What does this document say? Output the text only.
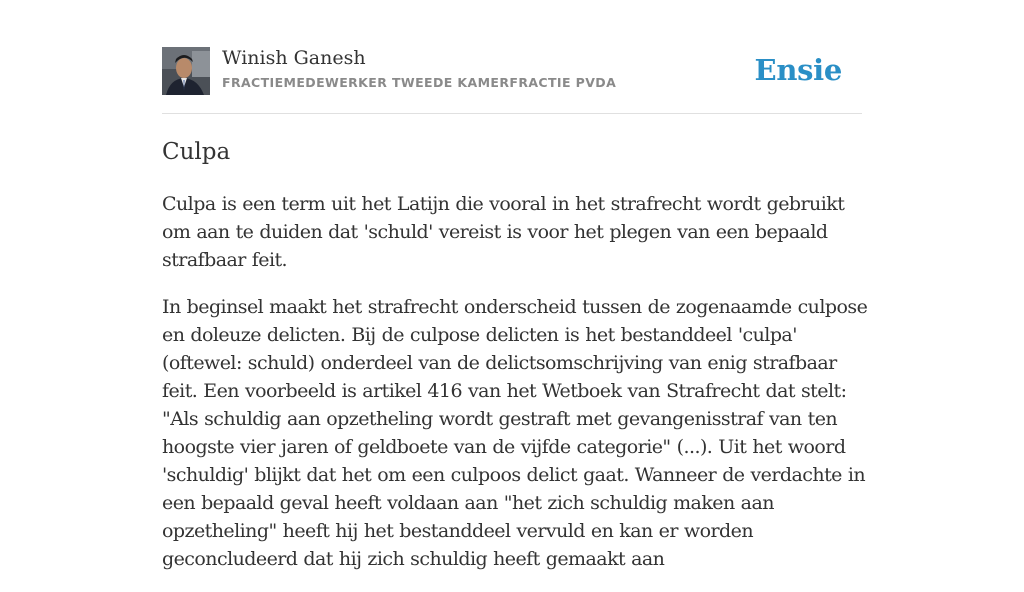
Winish Ganesh
FRACTIEMEDEWERKER TWEEDE KAMERFRACTIE PVDA	Ensie
Culpa

Culpa is een term uit het Latijn die vooral in het strafrecht wordt gebruikt om aan te duiden dat 'schuld' vereist is voor het plegen van een bepaald strafbaar feit.

In beginsel maakt het strafrecht onderscheid tussen de zogenaamde culpose en doleuze delicten. Bij de culpose delicten is het bestanddeel 'culpa' (oftewel: schuld) onderdeel van de delictsomschrijving van enig strafbaar feit. Een voorbeeld is artikel 416 van het Wetboek van Strafrecht dat stelt: "Als schuldig aan opzetheling wordt gestraft met gevangenisstraf van ten hoogste vier jaren of geldboete van de vijfde categorie" (...). Uit het woord 'schuldig' blijkt dat het om een culpoos delict gaat. Wanneer de verdachte in een bepaald geval heeft voldaan aan "het zich schuldig maken aan opzetheling" heeft hij het bestanddeel vervuld en kan er worden geconcludeerd dat hij zich schuldig heeft gemaakt aan
